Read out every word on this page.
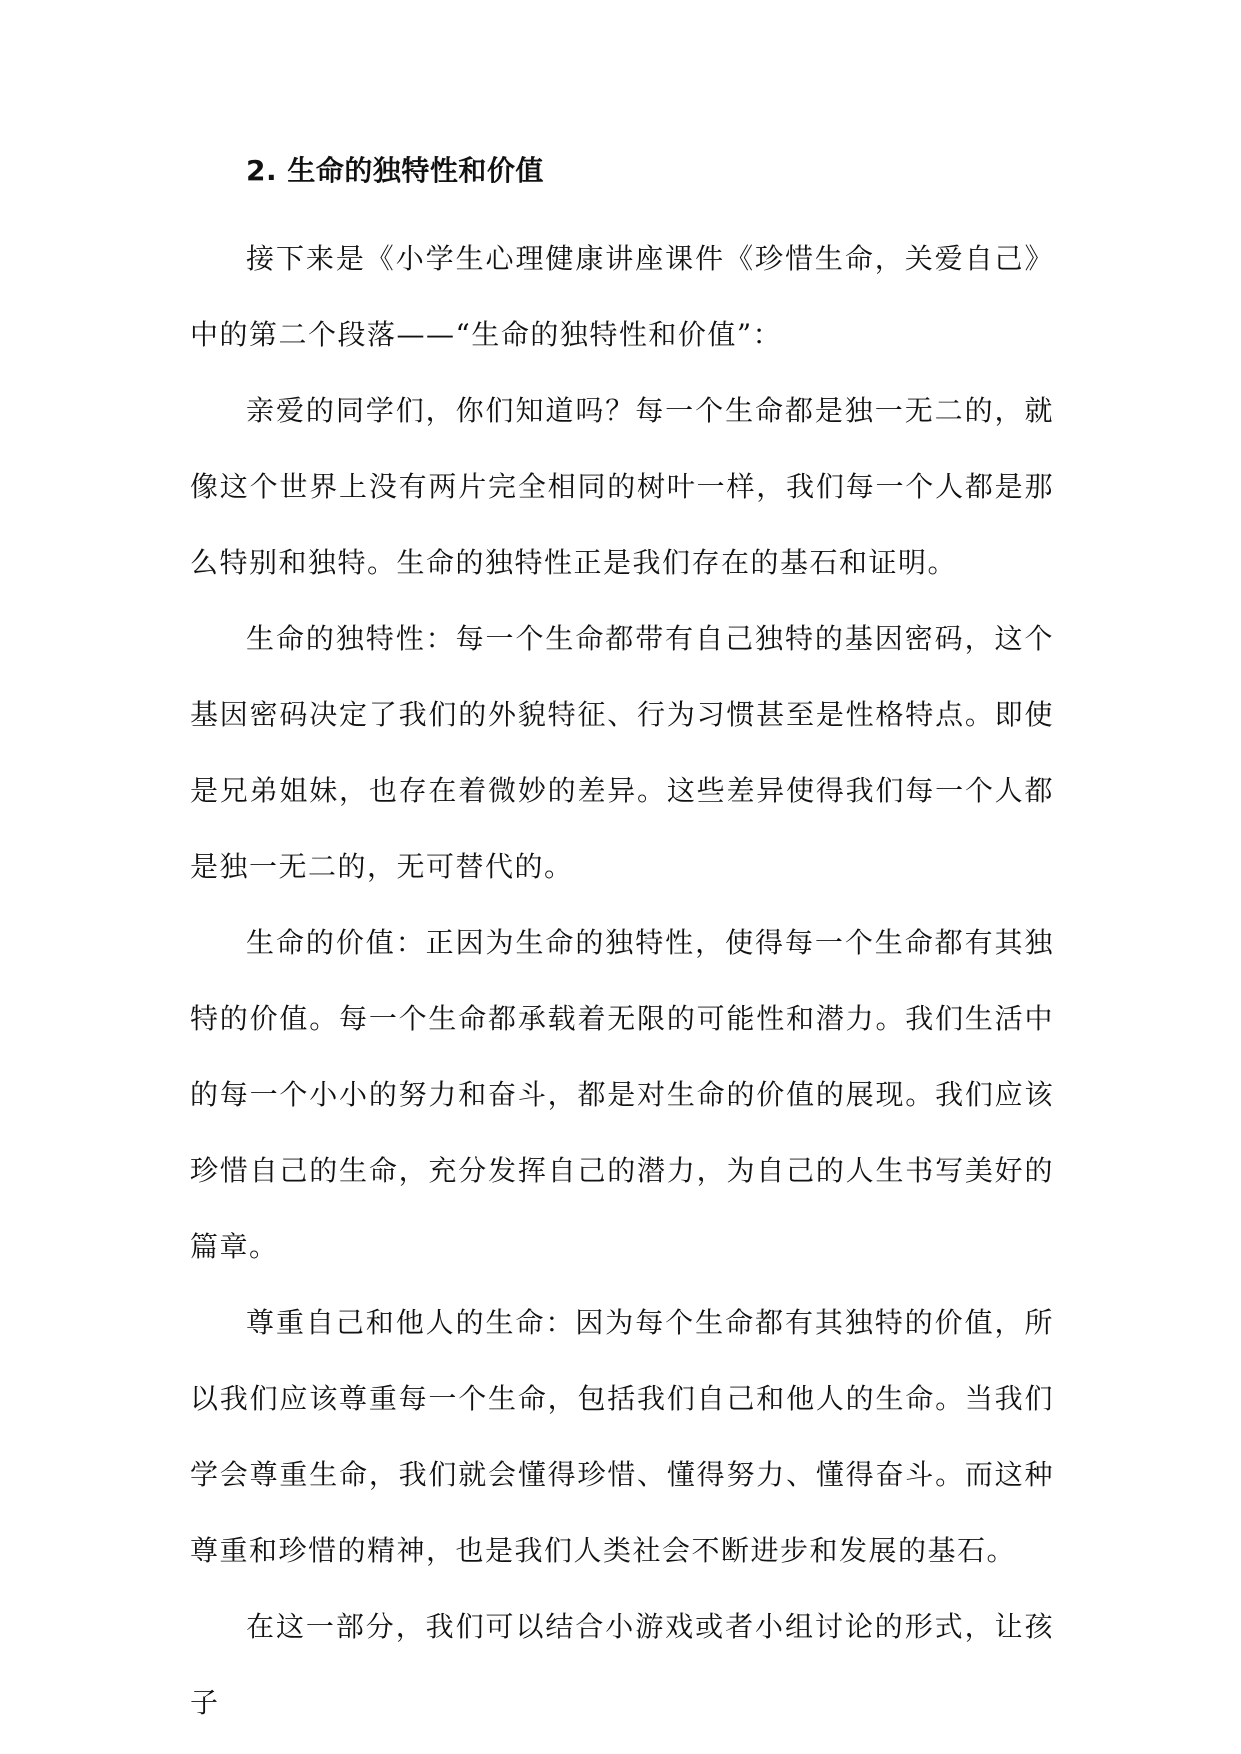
2. 生命的独特性和价值

接下来是《小学生心理健康讲座课件《珍惜生命，关爱自己》中的第二个段落——“生命的独特性和价值”：

亲爱的同学们，你们知道吗？每一个生命都是独一无二的，就像这个世界上没有两片完全相同的树叶一样，我们每一个人都是那么特别和独特。生命的独特性正是我们存在的基石和证明。

生命的独特性：每一个生命都带有自己独特的基因密码，这个基因密码决定了我们的外貌特征、行为习惯甚至是性格特点。即使是兄弟姐妹，也存在着微妙的差异。这些差异使得我们每一个人都是独一无二的，无可替代的。

生命的价值：正因为生命的独特性，使得每一个生命都有其独特的价值。每一个生命都承载着无限的可能性和潜力。我们生活中的每一个小小的努力和奋斗，都是对生命的价值的展现。我们应该珍惜自己的生命，充分发挥自己的潜力，为自己的人生书写美好的篇章。

尊重自己和他人的生命：因为每个生命都有其独特的价值，所以我们应该尊重每一个生命，包括我们自己和他人的生命。当我们学会尊重生命，我们就会懂得珍惜、懂得努力、懂得奋斗。而这种尊重和珍惜的精神，也是我们人类社会不断进步和发展的基石。

在这一部分，我们可以结合小游戏或者小组讨论的形式，让孩子
